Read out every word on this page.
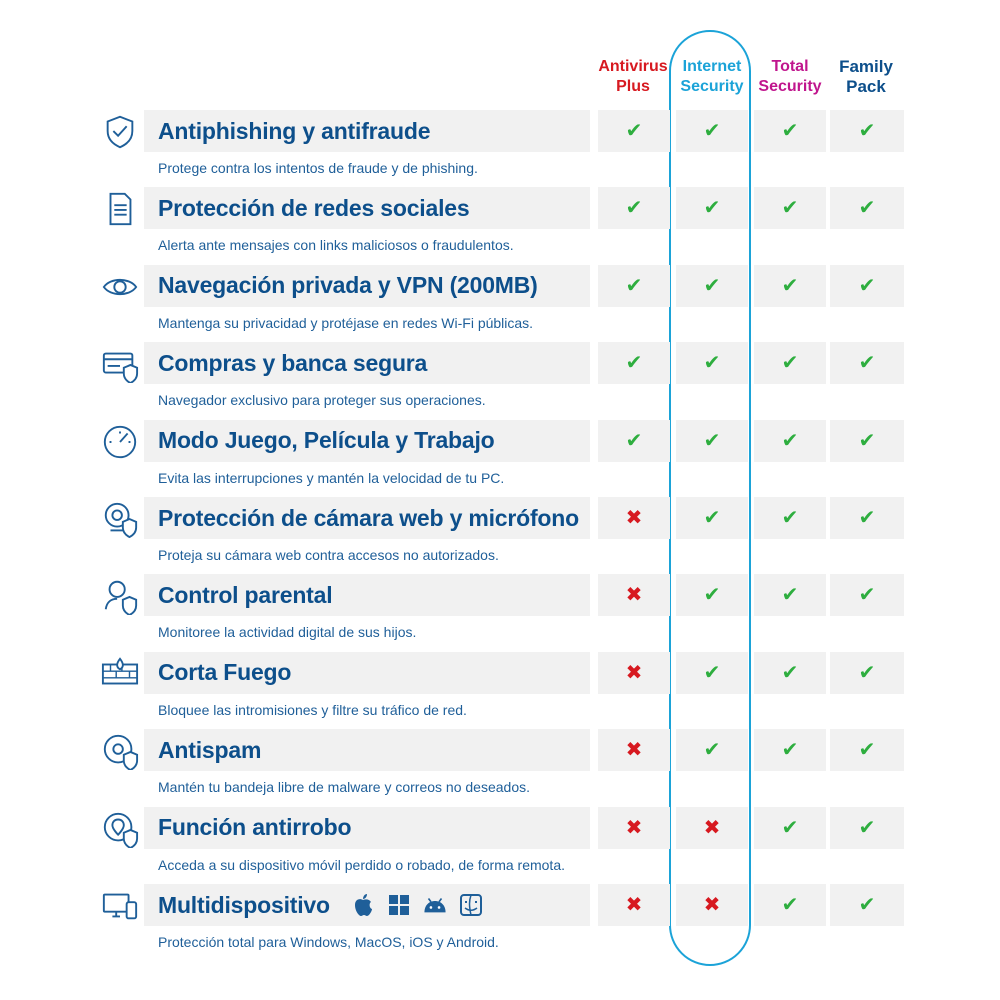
Antivirus
Plus
Internet
Security
Total
Security
Family
Pack
Antiphishing y antifraude
Protege contra los intentos de fraude y de phishing.
✔	✔	✔	✔
Protección de redes sociales
Alerta ante mensajes con links maliciosos o fraudulentos.
✔	✔	✔	✔
Navegación privada y VPN (200MB)
Mantenga su privacidad y protéjase en redes Wi-Fi públicas.
✔	✔	✔	✔
Compras y banca segura
Navegador exclusivo para proteger sus operaciones.
✔	✔	✔	✔
Modo Juego, Película y Trabajo
Evita las interrupciones y mantén la velocidad de tu PC.
✔	✔	✔	✔
Protección de cámara web y micrófono
Proteja su cámara web contra accesos no autorizados.
✖	✔	✔	✔
Control parental
Monitoree la actividad digital de sus hijos.
✖	✔	✔	✔
Corta Fuego
Bloquee las intromisiones y filtre su tráfico de red.
✖	✔	✔	✔
Antispam
Mantén tu bandeja libre de malware y correos no deseados.
✖	✔	✔	✔
Función antirrobo
Acceda a su dispositivo móvil perdido o robado, de forma remota.
✖	✖	✔	✔
Multidispositivo
Protección total para Windows, MacOS, iOS y Android.
✖	✖	✔	✔
